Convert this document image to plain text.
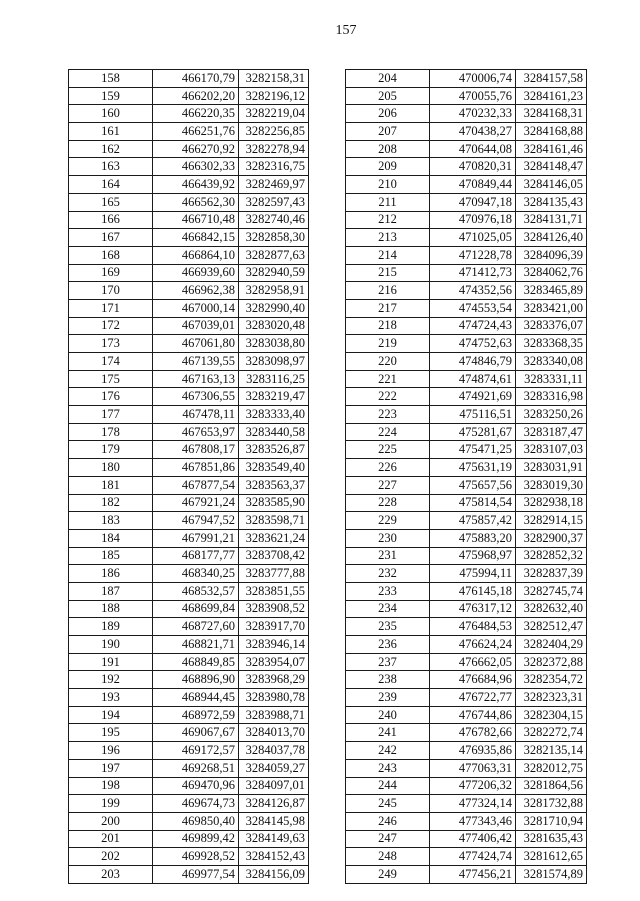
157
158	466170,79	3282158,31
159	466202,20	3282196,12
160	466220,35	3282219,04
161	466251,76	3282256,85
162	466270,92	3282278,94
163	466302,33	3282316,75
164	466439,92	3282469,97
165	466562,30	3282597,43
166	466710,48	3282740,46
167	466842,15	3282858,30
168	466864,10	3282877,63
169	466939,60	3282940,59
170	466962,38	3282958,91
171	467000,14	3282990,40
172	467039,01	3283020,48
173	467061,80	3283038,80
174	467139,55	3283098,97
175	467163,13	3283116,25
176	467306,55	3283219,47
177	467478,11	3283333,40
178	467653,97	3283440,58
179	467808,17	3283526,87
180	467851,86	3283549,40
181	467877,54	3283563,37
182	467921,24	3283585,90
183	467947,52	3283598,71
184	467991,21	3283621,24
185	468177,77	3283708,42
186	468340,25	3283777,88
187	468532,57	3283851,55
188	468699,84	3283908,52
189	468727,60	3283917,70
190	468821,71	3283946,14
191	468849,85	3283954,07
192	468896,90	3283968,29
193	468944,45	3283980,78
194	468972,59	3283988,71
195	469067,67	3284013,70
196	469172,57	3284037,78
197	469268,51	3284059,27
198	469470,96	3284097,01
199	469674,73	3284126,87
200	469850,40	3284145,98
201	469899,42	3284149,63
202	469928,52	3284152,43
203	469977,54	3284156,09
204	470006,74	3284157,58
205	470055,76	3284161,23
206	470232,33	3284168,31
207	470438,27	3284168,88
208	470644,08	3284161,46
209	470820,31	3284148,47
210	470849,44	3284146,05
211	470947,18	3284135,43
212	470976,18	3284131,71
213	471025,05	3284126,40
214	471228,78	3284096,39
215	471412,73	3284062,76
216	474352,56	3283465,89
217	474553,54	3283421,00
218	474724,43	3283376,07
219	474752,63	3283368,35
220	474846,79	3283340,08
221	474874,61	3283331,11
222	474921,69	3283316,98
223	475116,51	3283250,26
224	475281,67	3283187,47
225	475471,25	3283107,03
226	475631,19	3283031,91
227	475657,56	3283019,30
228	475814,54	3282938,18
229	475857,42	3282914,15
230	475883,20	3282900,37
231	475968,97	3282852,32
232	475994,11	3282837,39
233	476145,18	3282745,74
234	476317,12	3282632,40
235	476484,53	3282512,47
236	476624,24	3282404,29
237	476662,05	3282372,88
238	476684,96	3282354,72
239	476722,77	3282323,31
240	476744,86	3282304,15
241	476782,66	3282272,74
242	476935,86	3282135,14
243	477063,31	3282012,75
244	477206,32	3281864,56
245	477324,14	3281732,88
246	477343,46	3281710,94
247	477406,42	3281635,43
248	477424,74	3281612,65
249	477456,21	3281574,89
